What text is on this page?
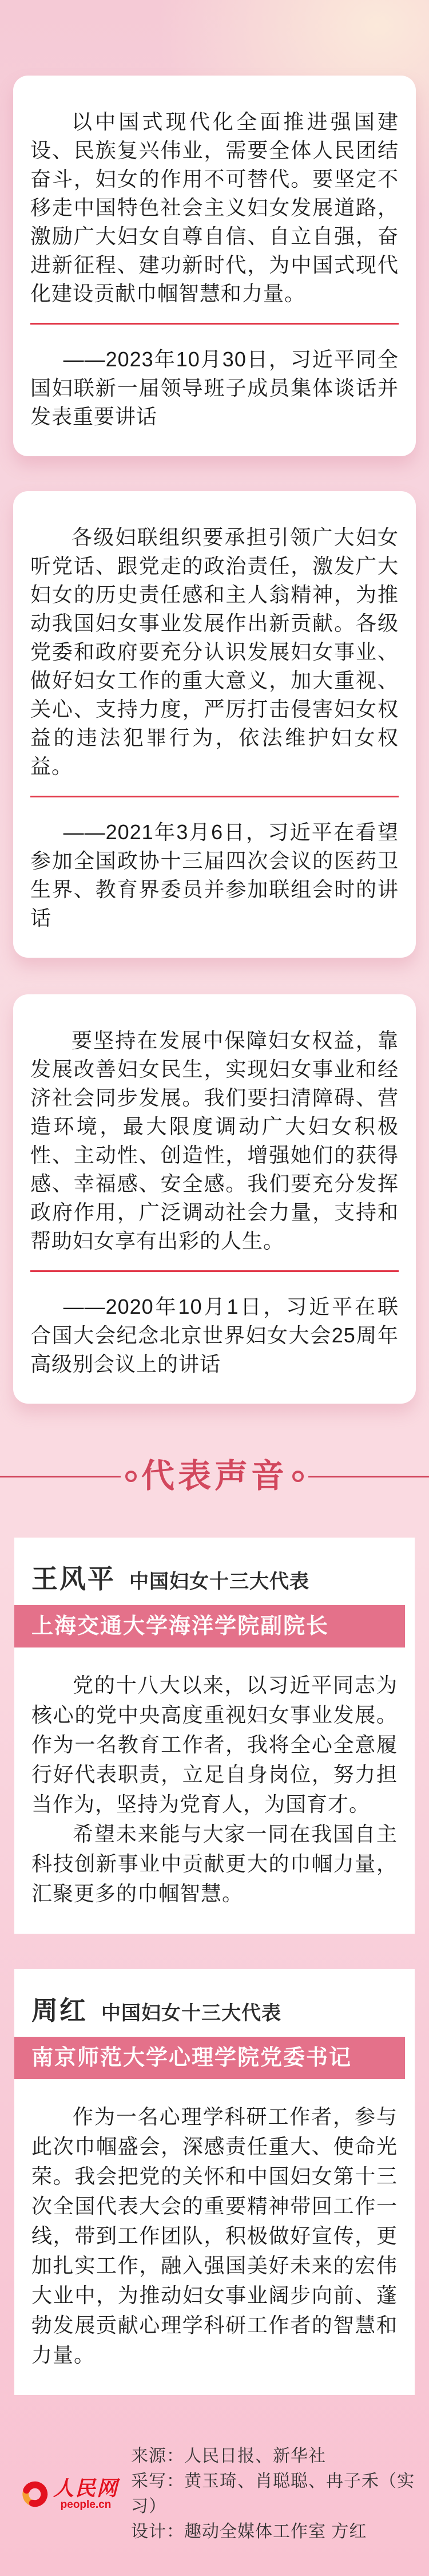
以中国式现代化全面推进强国建设、民族复兴伟业，需要全体人民团结奋斗，妇女的作用不可替代。要坚定不移走中国特色社会主义妇女发展道路，激励广大妇女自尊自信、自立自强，奋进新征程、建功新时代，为中国式现代化建设贡献巾帼智慧和力量。

——2023年10月30日，习近平同全国妇联新一届领导班子成员集体谈话并发表重要讲话

各级妇联组织要承担引领广大妇女听党话、跟党走的政治责任，激发广大妇女的历史责任感和主人翁精神，为推动我国妇女事业发展作出新贡献。各级党委和政府要充分认识发展妇女事业、做好妇女工作的重大意义，加大重视、关心、支持力度，严厉打击侵害妇女权益的违法犯罪行为，依法维护妇女权益。

——2021年3月6日，习近平在看望参加全国政协十三届四次会议的医药卫生界、教育界委员并参加联组会时的讲话

要坚持在发展中保障妇女权益，靠发展改善妇女民生，实现妇女事业和经济社会同步发展。我们要扫清障碍、营造环境，最大限度调动广大妇女积极性、主动性、创造性，增强她们的获得感、幸福感、安全感。我们要充分发挥政府作用，广泛调动社会力量，支持和帮助妇女享有出彩的人生。

——2020年10月1日，习近平在联合国大会纪念北京世界妇女大会25周年高级别会议上的讲话

代表声音
王风平 中国妇女十三大代表
上海交通大学海洋学院副院长

党的十八大以来，以习近平同志为核心的党中央高度重视妇女事业发展。作为一名教育工作者，我将全心全意履行好代表职责，立足自身岗位，努力担当作为，坚持为党育人，为国育才。

希望未来能与大家一同在我国自主科技创新事业中贡献更大的巾帼力量，汇聚更多的巾帼智慧。

周红 中国妇女十三大代表
南京师范大学心理学院党委书记

作为一名心理学科研工作者，参与此次巾帼盛会，深感责任重大、使命光荣。我会把党的关怀和中国妇女第十三次全国代表大会的重要精神带回工作一线，带到工作团队，积极做好宣传，更加扎实工作，融入强国美好未来的宏伟大业中，为推动妇女事业阔步向前、蓬勃发展贡献心理学科研工作者的智慧和力量。

人民网
people.cn
来源：人民日报、新华社
采写：黄玉琦、肖聪聪、冉子禾（实习）
设计：趣动全媒体工作室 方红
